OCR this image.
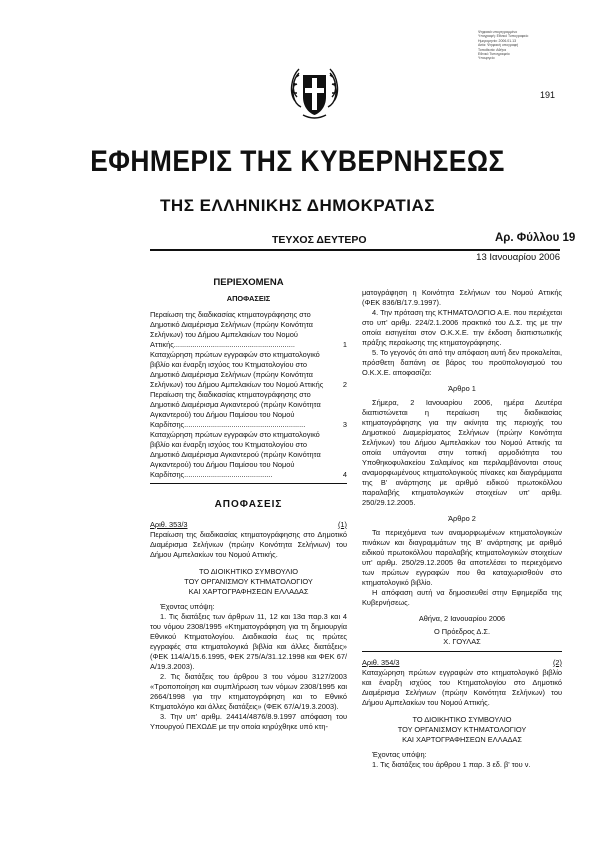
Ψηφιακά υπογεγραμμένο
Υπογραφή: Εθνικό Τυπογραφείο
Ημερομηνία: 2006.01.13
Αιτία: Ψηφιακή υπογραφή
Τοποθεσία: Αθήνα
Εθνικό Τυπογραφείο
Υπουργείο
191
ΕΦΗΜΕΡΙΣ ΤΗΣ ΚΥΒΕΡΝΗΣΕΩΣ
ΤΗΣ ΕΛΛΗΝΙΚΗΣ ΔΗΜΟΚΡΑΤΙΑΣ
ΤΕΥΧΟΣ ΔΕΥΤΕΡΟ	Αρ. Φύλλου 19
13 Ιανουαρίου 2006
ΠΕΡΙΕΧΟΜΕΝΑ
ΑΠΟΦΑΣΕΙΣ
Περαίωση της διαδικασίας κτηματογράφησης στο Δημοτικό Διαμέρισμα Σελήνιων (πρώην Κοινότητα Σελήνιων) του Δήμου Αμπελακίων του Νομού Αττικής...........................................................	1
Καταχώρηση πρώτων εγγραφών στο κτηματολογικό βιβλίο και έναρξη ισχύος του Κτηματολογίου στο Δημοτικό Διαμέρισμα Σελήνιων (πρώην Κοινότητα Σελήνιων) του Δήμου Αμπελακίων του Νομού Αττικής	2
Περαίωση της διαδικασίας κτηματογράφησης στο Δημοτικό Διαμέρισμα Αγκαντερού (πρώην Κοινότητα Αγκαντερού) του Δήμου Παμίσου του Νομού Καρδίτσης...........................................................	3
Καταχώρηση πρώτων εγγραφών στο κτηματολογικό βιβλίο και έναρξη ισχύος του Κτηματολογίου στο Δημοτικό Διαμέρισμα Αγκαντερού (πρώην Κοινότητα Αγκαντερού) του Δήμου Παμίσου του Νομού Καρδίτσης...........................................	4
ΑΠΟΦΑΣΕΙΣ
Αριθ. 353/3	(1)

Περαίωση της διαδικασίας κτηματογράφησης στο Δημοτικό Διαμέρισμα Σελήνιων (πρώην Κοινότητα Σελήνιων) του Δήμου Αμπελακίων του Νομού Αττικής.

ΤΟ ΔΙΟΙΚΗΤΙΚΟ ΣΥΜΒΟΥΛΙΟ
ΤΟΥ ΟΡΓΑΝΙΣΜΟΥ ΚΤΗΜΑΤΟΛΟΓΙΟΥ
ΚΑΙ ΧΑΡΤΟΓΡΑΦΗΣΕΩΝ ΕΛΛΑΔΑΣ

Έχοντας υπόψη:

1. Τις διατάξεις των άρθρων 11, 12 και 13α παρ.3 και 4 του νόμου 2308/1995 «Κτηματογράφηση για τη δημιουργία Εθνικού Κτηματολογίου. Διαδικασία έως τις πρώτες εγγραφές στα κτηματολογικά βιβλία και άλλες διατάξεις» (ΦΕΚ 114/Α/15.6.1995, ΦΕΚ 275/Α/31.12.1998 και ΦΕΚ 67/Α/19.3.2003).

2. Τις διατάξεις του άρθρου 3 του νόμου 3127/2003 «Τροποποίηση και συμπλήρωση των νόμων 2308/1995 και 2664/1998 για την κτηματογράφηση και το Εθνικό Κτηματολόγιο και άλλες διατάξεις» (ΦΕΚ 67/Α/19.3.2003).

3. Την υπ' αριθμ. 24414/4876/8.9.1997 απόφαση του Υπουργού ΠΕΧΩΔΕ με την οποία κηρύχθηκε υπό κτη-

ματογράφηση η Κοινότητα Σελήνιων του Νομού Αττικής (ΦΕΚ 836/Β/17.9.1997).

4. Την πρόταση της ΚΤΗΜΑΤΟΛΟΓΙΟ Α.Ε. που περιέχεται στο υπ' αριθμ. 224/2.1.2006 πρακτικό του Δ.Σ. της με την οποία εισηγείται στον Ο.Κ.Χ.Ε. την έκδοση διαπιστωτικής πράξης περαίωσης της κτηματογράφησης.

5. Το γεγονός ότι από την απόφαση αυτή δεν προκαλείται, πρόσθετη δαπάνη σε βάρος του προϋπολογισμού του Ο.Κ.Χ.Ε. αποφασίζει:

Άρθρο 1

Σήμερα, 2 Ιανουαρίου 2006, ημέρα Δευτέρα διαπιστώνεται η περαίωση της διαδικασίας κτηματογράφησης για την ακίνητα της περιοχής του Δημοτικού Διαμερίσματος Σελήνιων (πρώην Κοινότητα Σελήνιων) του Δήμου Αμπελακίων του Νομού Αττικής τα οποία υπάγονται στην τοπική αρμοδιότητα του Υποθηκοφυλακείου Σαλαμίνος και περιλαμβάνονται στους αναμορφωμένους κτηματολογικούς πίνακες και διαγράμματα της Β' ανάρτησης με αριθμό ειδικού πρωτοκόλλου παραλαβής κτηματολογικών στοιχείων υπ' αριθμ. 250/29.12.2005.

Άρθρο 2

Τα περιεχόμενα των αναμορφωμένων κτηματολογικών πινάκων και διαγραμμάτων της Β' ανάρτησης με αριθμό ειδικού πρωτοκόλλου παραλαβής κτηματολογικών στοιχείων υπ' αριθμ. 250/29.12.2005 θα αποτελέσει το περιεχόμενο των πρώτων εγγραφών που θα καταχωρισθούν στο κτηματολογικό βιβλίο.

Η απόφαση αυτή να δημοσιευθεί στην Εφημερίδα της Κυβερνήσεως.

Αθήνα, 2 Ιανουαρίου 2006

Ο Πρόεδρος Δ.Σ.

Χ. ΓΟΥΛΑΣ

Αριθ. 354/3	(2)

Καταχώρηση πρώτων εγγραφών στο κτηματολογικό βιβλίο και έναρξη ισχύος του Κτηματολογίου στο Δημοτικό Διαμέρισμα Σελήνιων (πρώην Κοινότητα Σελήνιων) του Δήμου Αμπελακίων του Νομού Αττικής.

ΤΟ ΔΙΟΙΚΗΤΙΚΟ ΣΥΜΒΟΥΛΙΟ
ΤΟΥ ΟΡΓΑΝΙΣΜΟΥ ΚΤΗΜΑΤΟΛΟΓΙΟΥ
ΚΑΙ ΧΑΡΤΟΓΡΑΦΗΣΕΩΝ ΕΛΛΑΔΑΣ

Έχοντας υπόψη:

1. Τις διατάξεις του άρθρου 1 παρ. 3 εδ. β' του ν.
